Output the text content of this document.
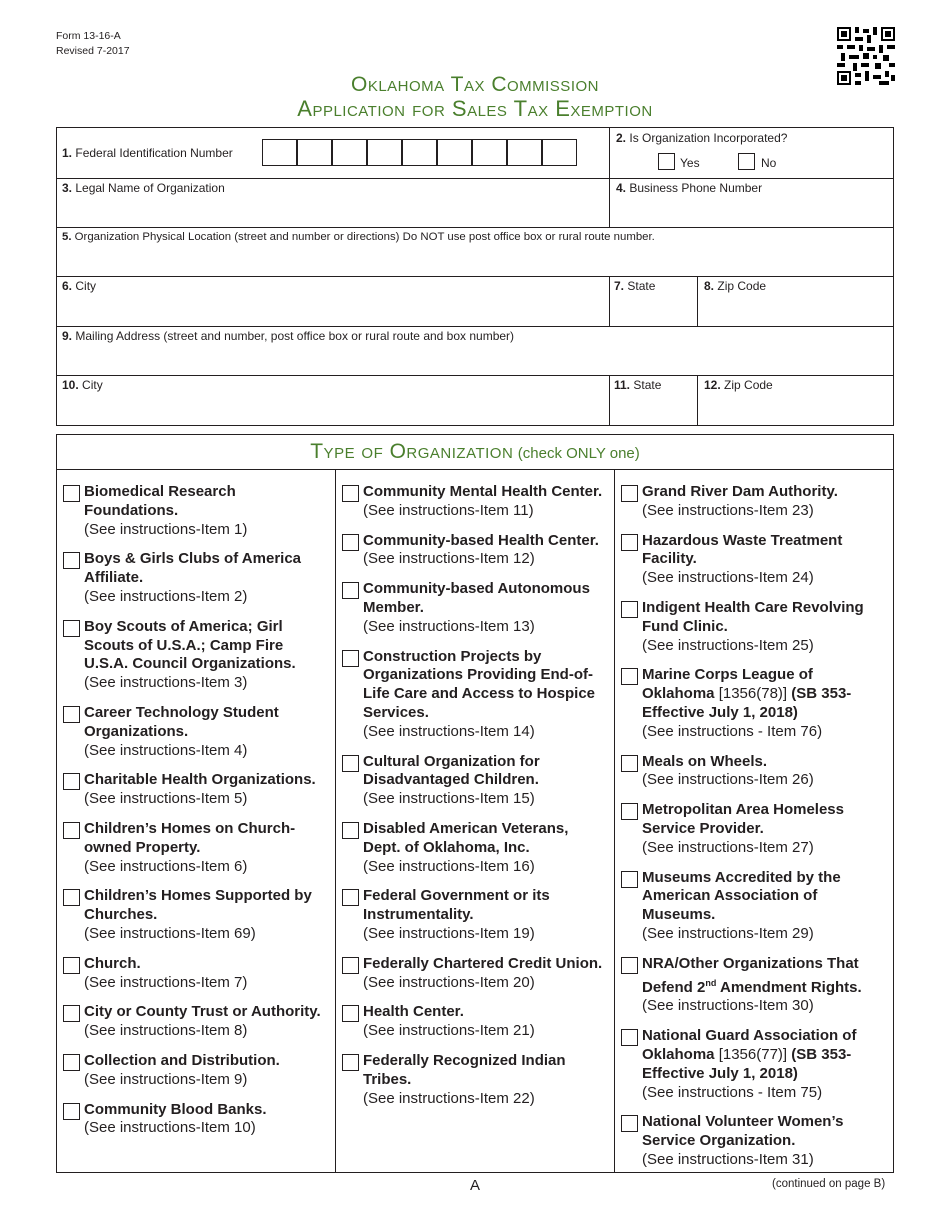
Form 13-16-A
Revised 7-2017
Oklahoma Tax Commission
Application for Sales Tax Exemption
1. Federal Identification Number
2. Is Organization Incorporated?
Yes	No
3. Legal Name of Organization	4. Business Phone Number
5. Organization Physical Location (street and number or directions) Do NOT use post office box or rural route number.
6. City	7. State	8. Zip Code
9. Mailing Address (street and number, post office box or rural route and box number)
10. City	11. State	12. Zip Code
Type of Organization (check ONLY one)
Biomedical Research Foundations.
(See instructions-Item 1)
Boys & Girls Clubs of America Affiliate.
(See instructions-Item 2)
Boy Scouts of America; Girl Scouts of U.S.A.; Camp Fire U.S.A. Council Organizations.
(See instructions-Item 3)
Career Technology Student Organizations.
(See instructions-Item 4)
Charitable Health Organizations.
(See instructions-Item 5)
Children’s Homes on Church-owned Property.
(See instructions-Item 6)
Children’s Homes Supported by Churches.
(See instructions-Item 69)
Church.
(See instructions-Item 7)
City or County Trust or Authority.
(See instructions-Item 8)
Collection and Distribution.
(See instructions-Item 9)
Community Blood Banks.
(See instructions-Item 10)
Community Mental Health Center.
(See instructions-Item 11)
Community-based Health Center.
(See instructions-Item 12)
Community-based Autonomous Member.
(See instructions-Item 13)
Construction Projects by Organizations Providing End-of-Life Care and Access to Hospice Services.
(See instructions-Item 14)
Cultural Organization for Disadvantaged Children.
(See instructions-Item 15)
Disabled American Veterans, Dept. of Oklahoma, Inc.
(See instructions-Item 16)
Federal Government or its Instrumentality.
(See instructions-Item 19)
Federally Chartered Credit Union.
(See instructions-Item 20)
Health Center.
(See instructions-Item 21)
Federally Recognized Indian Tribes.
(See instructions-Item 22)
Grand River Dam Authority.
(See instructions-Item 23)
Hazardous Waste Treatment Facility.
(See instructions-Item 24)
Indigent Health Care Revolving Fund Clinic.
(See instructions-Item 25)
Marine Corps League of Oklahoma [1356(78)] (SB 353-Effective July 1, 2018)
(See instructions - Item 76)
Meals on Wheels.
(See instructions-Item 26)
Metropolitan Area Homeless Service Provider.
(See instructions-Item 27)
Museums Accredited by the American Association of Museums.
(See instructions-Item 29)
NRA/Other Organizations That Defend 2nd Amendment Rights.
(See instructions-Item 30)
National Guard Association of Oklahoma [1356(77)] (SB 353-Effective July 1, 2018)
(See instructions - Item 75)
National Volunteer Women’s Service Organization.
(See instructions-Item 31)
A	(continued on page B)
